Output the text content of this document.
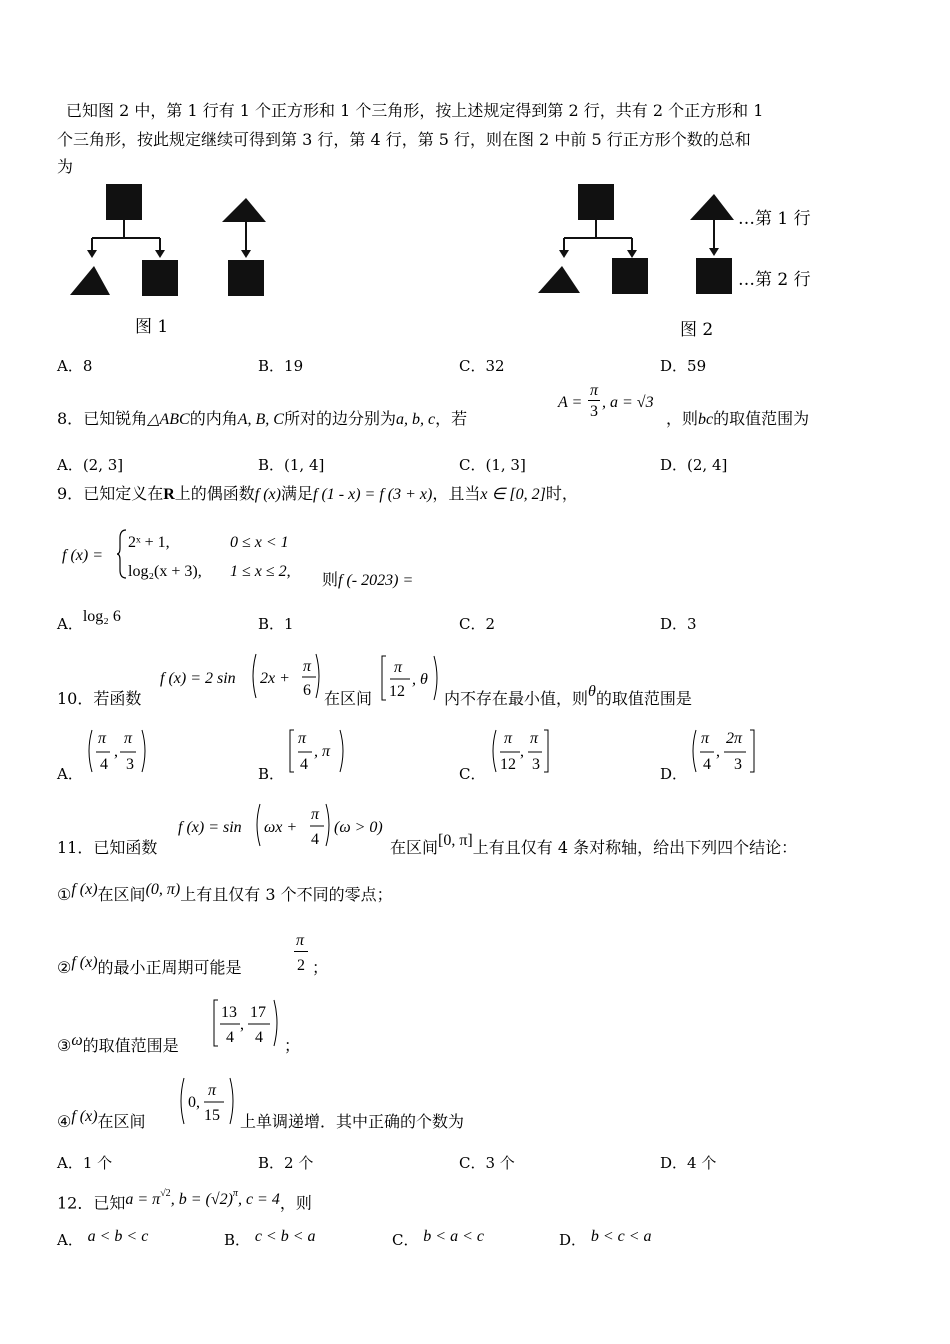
已知图 2 中，第 1 行有 1 个正方形和 1 个三角形，按上述规定得到第 2 行，共有 2 个正方形和 1
个三角形，按此规定继续可得到第 3 行，第 4 行，第 5 行，则在图 2 中前 5 行正方形个数的总和
为
图 1
…第 1 行
…第 2 行
图 2
A．8	B．19	C．32	D．59
8．已知锐角△ABC的内角A, B, C所对的边分别为a, b, c，若
A =
π
3
, a = √3
，则bc的取值范围为
A．(2, 3]	B．(1, 4]	C．(1, 3]	D．(2, 4]
9．已知定义在R上的偶函数f (x)满足f (1 - x) = f (3 + x)，且当x ∈ [0, 2]时，
f (x) =
2ˣ + 1,	0 ≤ x < 1
log₂(x + 3), 1 ≤ x ≤ 2, 则f (- 2023) =
A．log₂ 6	B．1	C．2	D．3
10．若函数
f (x) = 2 sin 2x +
π
6 在区间
π
12
, θ
内不存在最小值，则θ的取值范围是
A．
π
4
,
π
3
B．
π
4
, π
C．
π
12
,
π
3
D．
π
4
,
2π
3
11．已知函数
f (x) = sin ωx +
π
4
(ω > 0)
在区间[0, π]上有且仅有 4 条对称轴，给出下列四个结论：
①f (x)在区间(0, π)上有且仅有 3 个不同的零点；
②f (x)的最小正周期可能是
π
2 ；
③ω的取值范围是
13
4
,
17
4 ；
④f (x)在区间
0,
π
15 上单调递增．其中正确的个数为
A．1 个	B．2 个	C．3 个	D．4 个
12．已知$a = \pi^{√2}$, $b = (√2)^\pi$, c = 4，则
A． a < b < c	B． c < b < a	C． b < a < c	D． b < c < a
